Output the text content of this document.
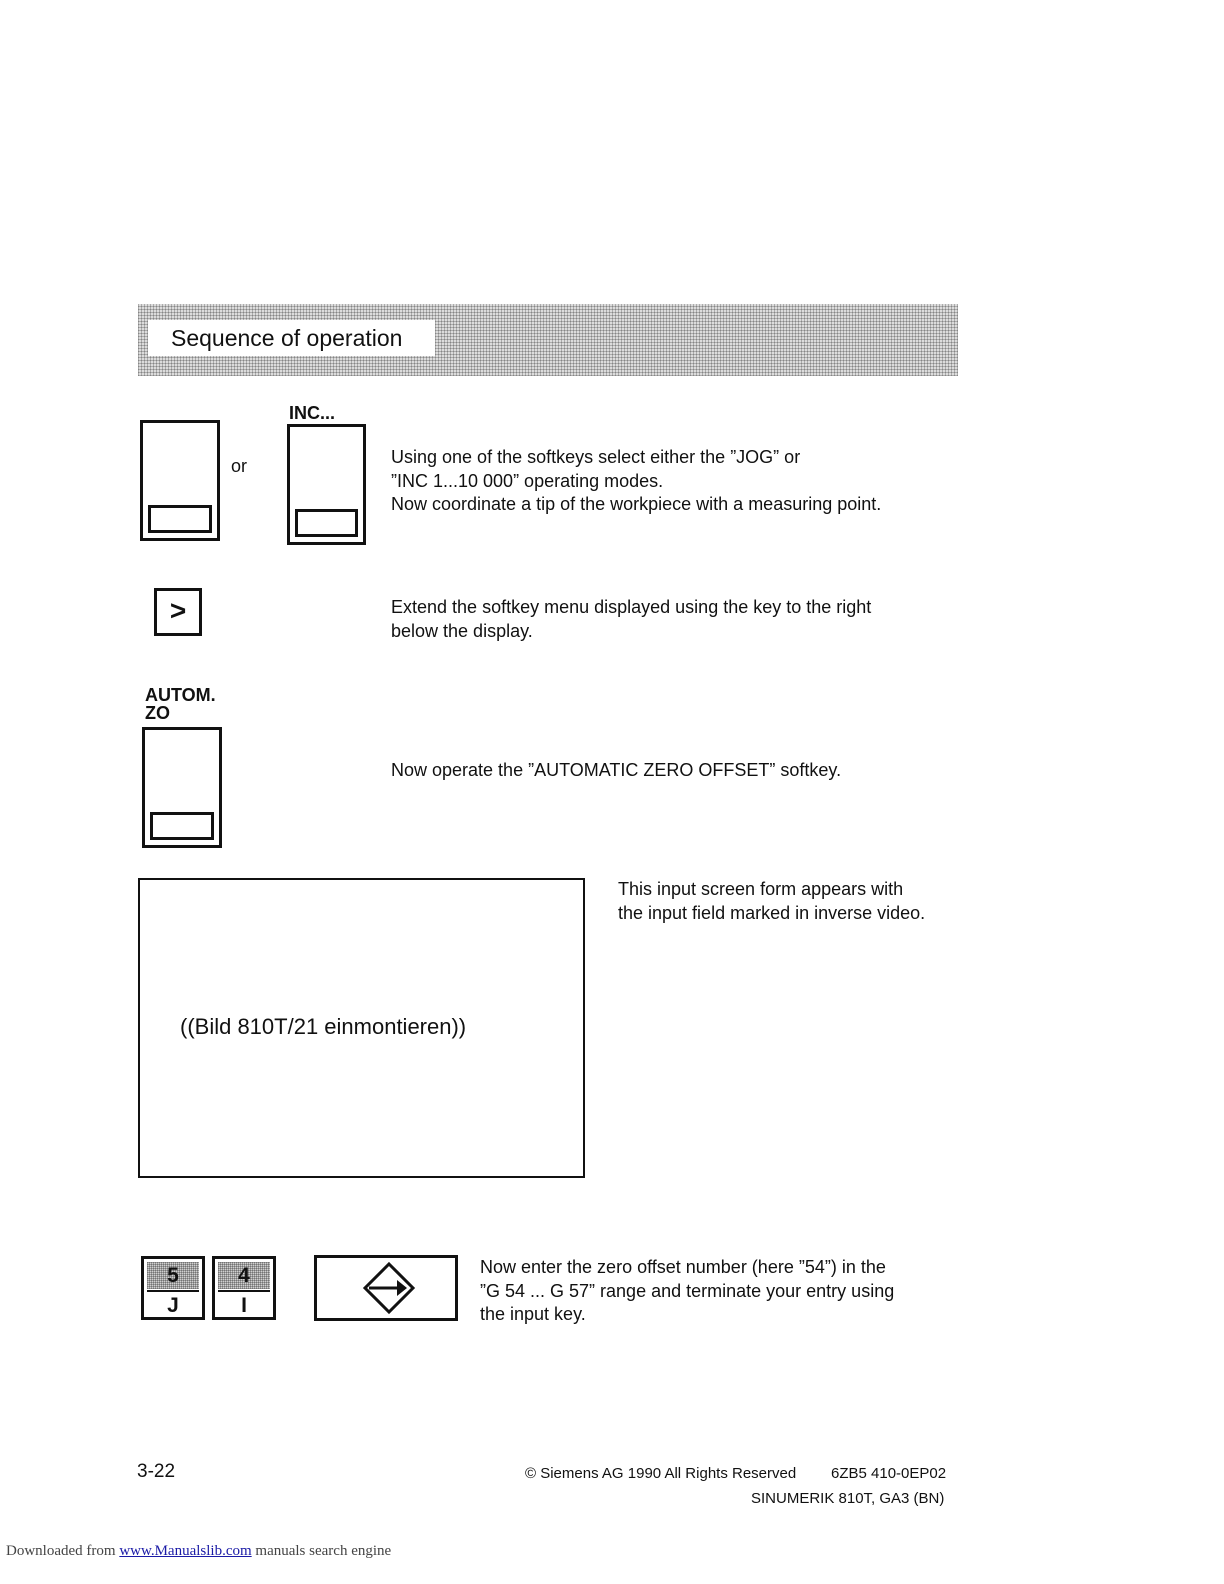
Sequence of operation
or
INC...
Using one of the softkeys select either the ”JOG” or
”INC 1...10 000” operating modes.
Now coordinate a tip of the workpiece with a measuring point.
>	Extend the softkey menu displayed using the key to the right
below the display.
AUTOM.
ZO
Now operate the ”AUTOMATIC ZERO OFFSET” softkey.
((Bild 810T/21 einmontieren))
This input screen form appears with
the input field marked in inverse video.
5
J
4
I
Now enter the zero offset number (here ”54”) in the
”G 54 ... G 57” range and terminate your entry using
the input key.
3-22	© Siemens AG 1990 All Rights Reserved 6ZB5 410-0EP02
SINUMERIK 810T, GA3 (BN)
Downloaded from www.Manualslib.com manuals search engine
